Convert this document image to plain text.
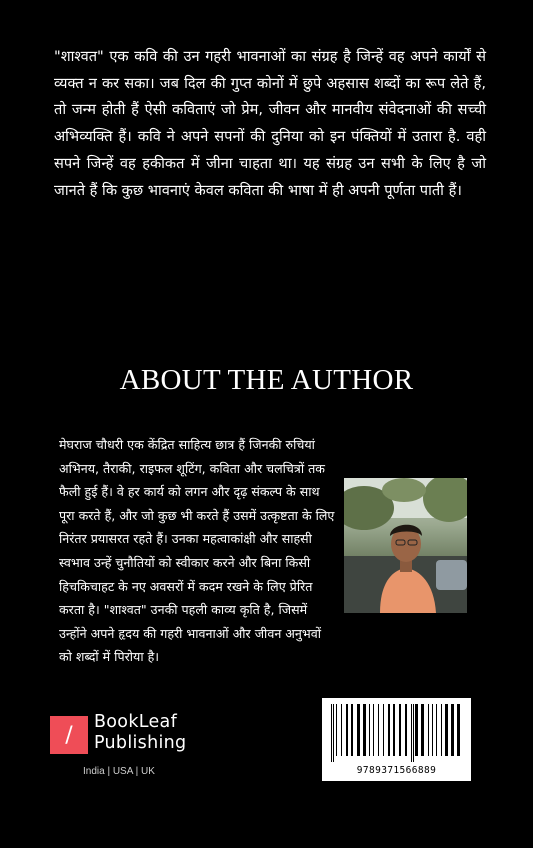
"शाश्वत" एक कवि की उन गहरी भावनाओं का संग्रह है जिन्हें वह अपने कार्यों से व्यक्त न कर सका। जब दिल की गुप्त कोनों में छुपे अहसास शब्दों का रूप लेते हैं, तो जन्म होती हैं ऐसी कविताएं जो प्रेम, जीवन और मानवीय संवेदनाओं की सच्ची अभिव्यक्ति हैं। कवि ने अपने सपनों की दुनिया को इन पंक्तियों में उतारा है. वही सपने जिन्हें वह हकीकत में जीना चाहता था। यह संग्रह उन सभी के लिए है जो जानते हैं कि कुछ भावनाएं केवल कविता की भाषा में ही अपनी पूर्णता पाती हैं।

ABOUT THE AUTHOR

मेघराज चौधरी एक केंद्रित साहित्य छात्र हैं जिनकी रुचियां अभिनय, तैराकी, राइफल शूटिंग, कविता और चलचित्रों तक फैली हुई हैं। वे हर कार्य को लगन और दृढ़ संकल्प के साथ पूरा करते हैं, और जो कुछ भी करते हैं उसमें उत्कृष्टता के लिए निरंतर प्रयासरत रहते हैं। उनका महत्वाकांक्षी और साहसी स्वभाव उन्हें चुनौतियों को स्वीकार करने और बिना किसी हिचकिचाहट के नए अवसरों में कदम रखने के लिए प्रेरित करता है। "शाश्वत" उनकी पहली काव्य कृति है, जिसमें उन्होंने अपने हृदय की गहरी भावनाओं और जीवन अनुभवों को शब्दों में पिरोया है।

/
BookLeaf
Publishing
India | USA | UK	9789371566889
